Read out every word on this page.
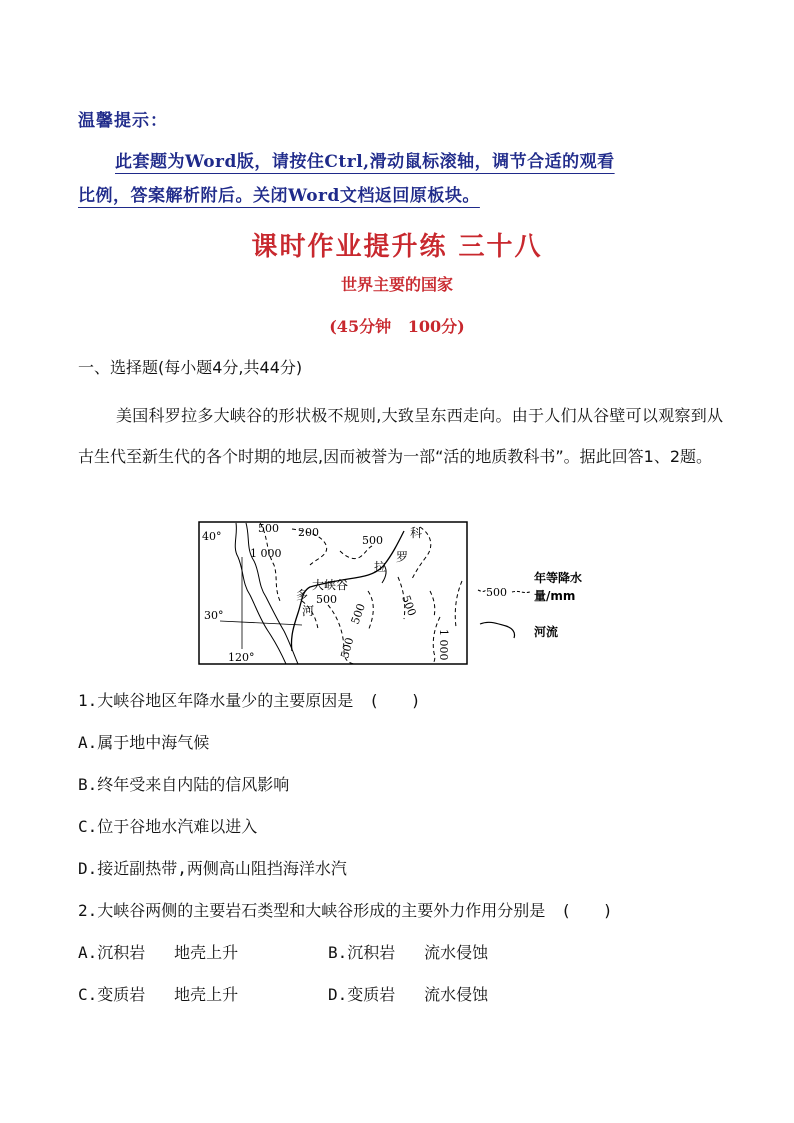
温馨提示：
此套题为Word版，请按住Ctrl,滑动鼠标滚轴，调节合适的观看
比例，答案解析附后。关闭Word文档返回原板块。
课时作业提升练 三十八
世界主要的国家
(45分钟   100分)
一、选择题(每小题4分,共44分)
美国科罗拉多大峡谷的形状极不规则,大致呈东西走向。由于人们从谷壁可以观察到从古生代至新生代的各个时期的地层,因而被誉为一部“活的地质教科书”。据此回答1、2题。
40°
30°
120°
500 200
500
1 000
500	500
500
500	1 000
大峡谷
科
罗
拉
多
河
500
年等降水
量/mm
河流
1.大峡谷地区年降水量少的主要原因是 (　　)
A.属于地中海气候
B.终年受来自内陆的信风影响
C.位于谷地水汽难以进入
D.接近副热带,两侧高山阻挡海洋水汽
2.大峡谷两侧的主要岩石类型和大峡谷形成的主要外力作用分别是 (　　)
A.沉积岩   地壳上升	B.沉积岩   流水侵蚀
C.变质岩   地壳上升	D.变质岩   流水侵蚀
